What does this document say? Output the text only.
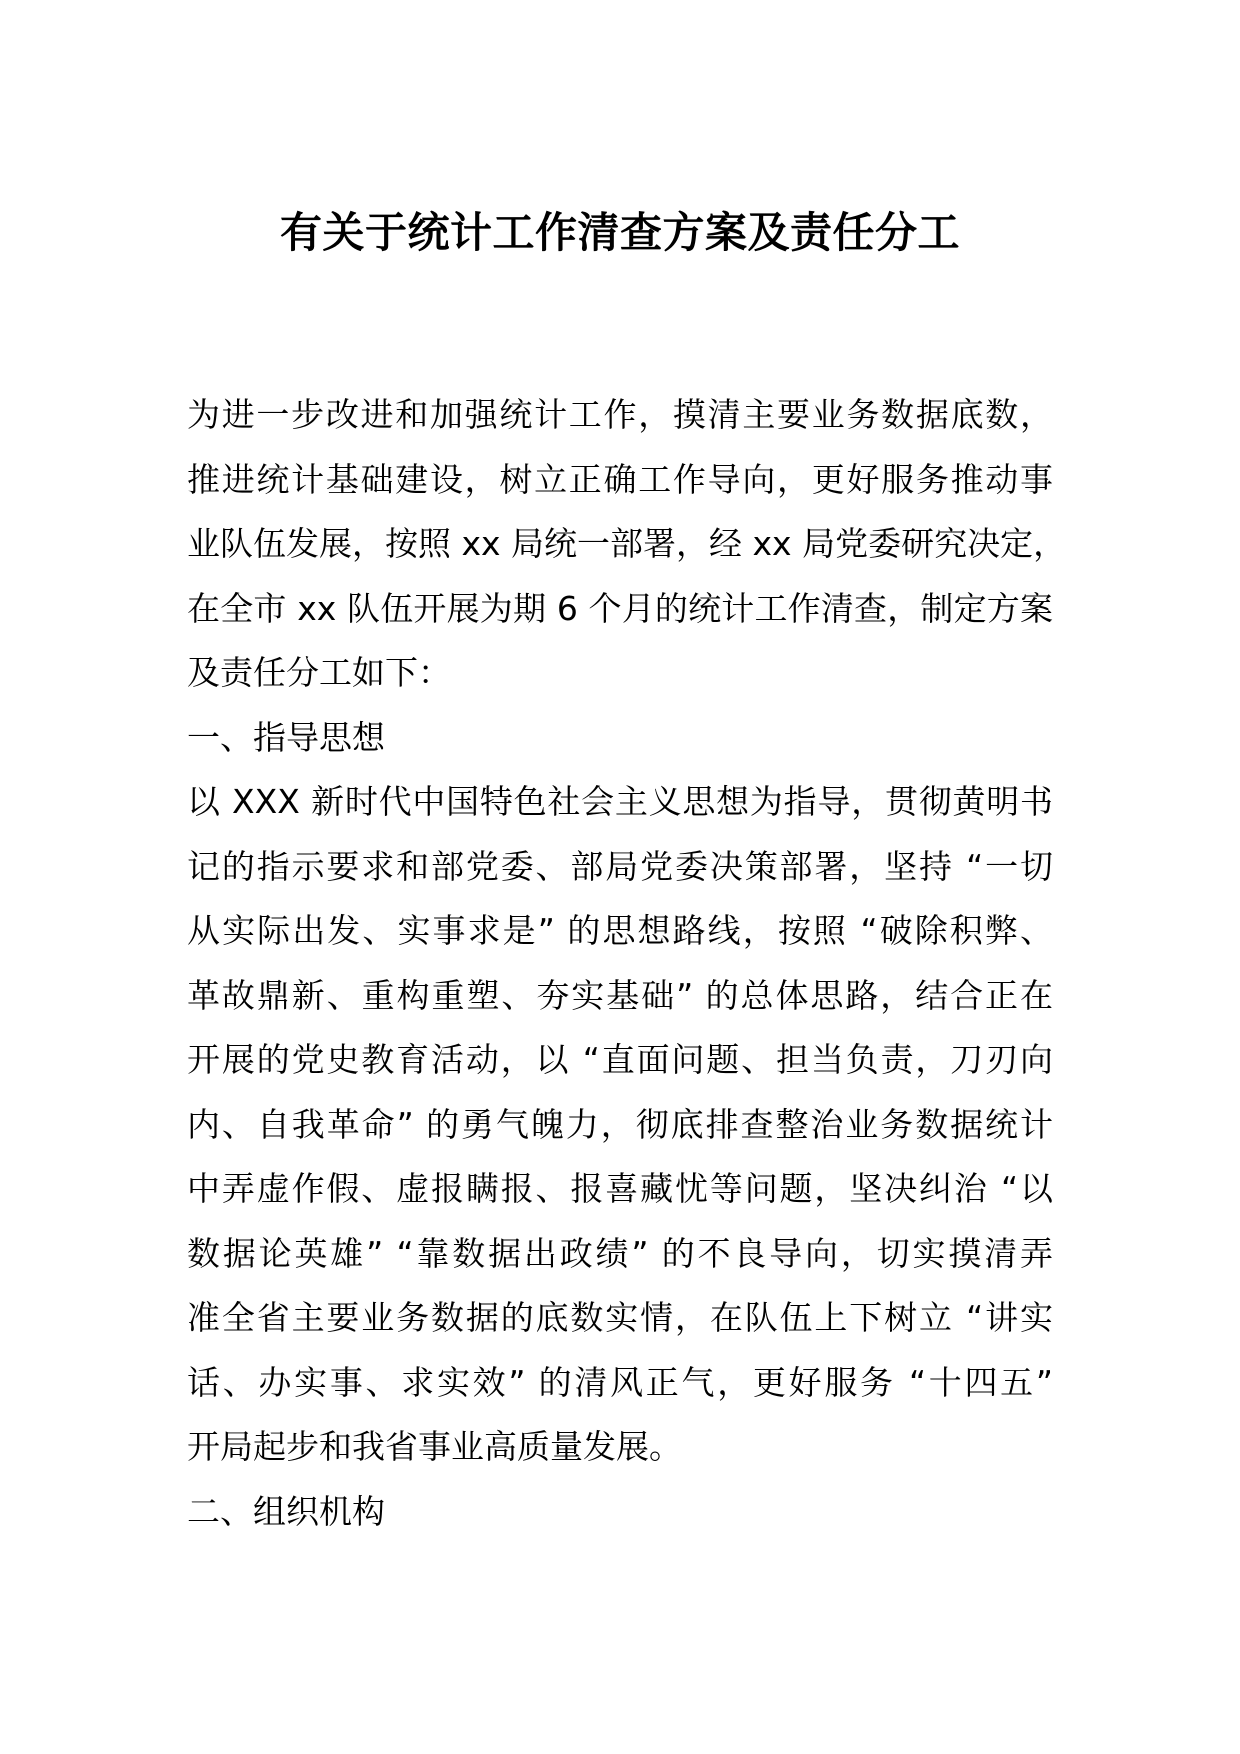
有关于统计工作清查方案及责任分工

为进一步改进和加强统计工作，摸清主要业务数据底数，

推进统计基础建设，树立正确工作导向，更好服务推动事

业队伍发展，按照 xx 局统一部署，经 xx 局党委研究决定，

在全市 xx 队伍开展为期 6 个月的统计工作清查，制定方案

及责任分工如下：

一、指导思想

以 XXX 新时代中国特色社会主义思想为指导，贯彻黄明书

记的指示要求和部党委、部局党委决策部署，坚持 “一切

从实际出发、实事求是” 的思想路线，按照 “破除积弊、

革故鼎新、重构重塑、夯实基础” 的总体思路，结合正在

开展的党史教育活动，以 “直面问题、担当负责，刀刃向

内、自我革命” 的勇气魄力，彻底排查整治业务数据统计

中弄虚作假、虚报瞒报、报喜藏忧等问题，坚决纠治 “以

数据论英雄” “靠数据出政绩” 的不良导向，切实摸清弄

准全省主要业务数据的底数实情，在队伍上下树立 “讲实

话、办实事、求实效” 的清风正气，更好服务 “十四五”

开局起步和我省事业高质量发展。

二、组织机构
